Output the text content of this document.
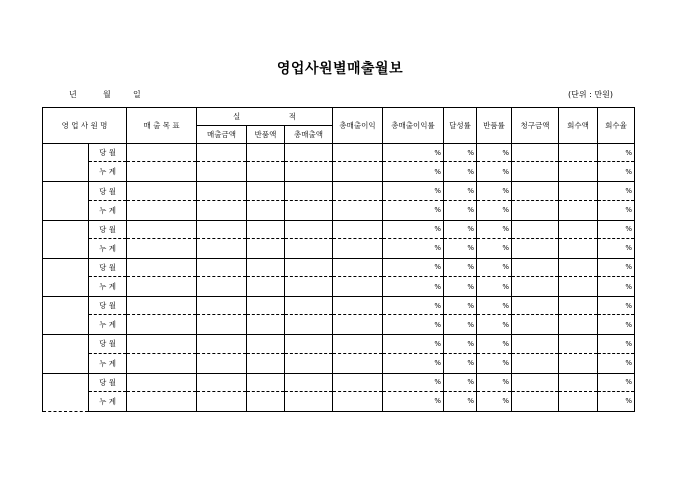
영업사원별매출월보
년	월	일	(단위 : 만원)
영 업 사 원 명		매 출 목 표	실 적			총매출이익	총매출이익률	달성률	반품률	청구금액	회수액	회수율
			매출금액	반품액	총매출액							
	당 월						%	%	%			%
	누 계						%	%	%			%
	당 월						%	%	%			%
	누 계						%	%	%			%
	당 월						%	%	%			%
	누 계						%	%	%			%
	당 월						%	%	%			%
	누 계						%	%	%			%
	당 월						%	%	%			%
	누 계						%	%	%			%
	당 월						%	%	%			%
	누 계						%	%	%			%
	당 월						%	%	%			%
	누 계						%	%	%			%
